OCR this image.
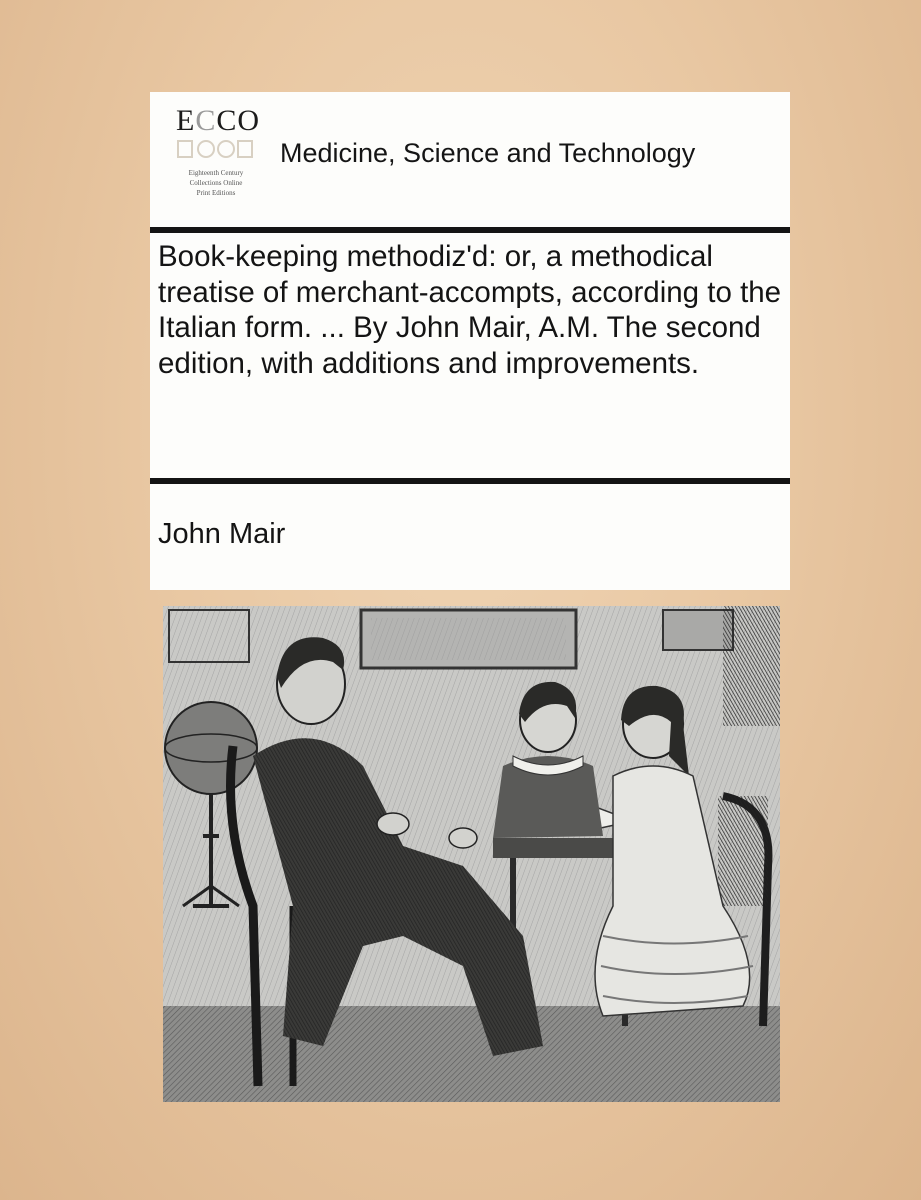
ECCO
Eighteenth Century
Collections Online
Print Editions
Medicine, Science and Technology
Book-keeping methodiz'd: or, a methodical treatise of merchant-accompts, according to the Italian form. ... By John Mair, A.M. The second edition, with additions and improvements.
John Mair
